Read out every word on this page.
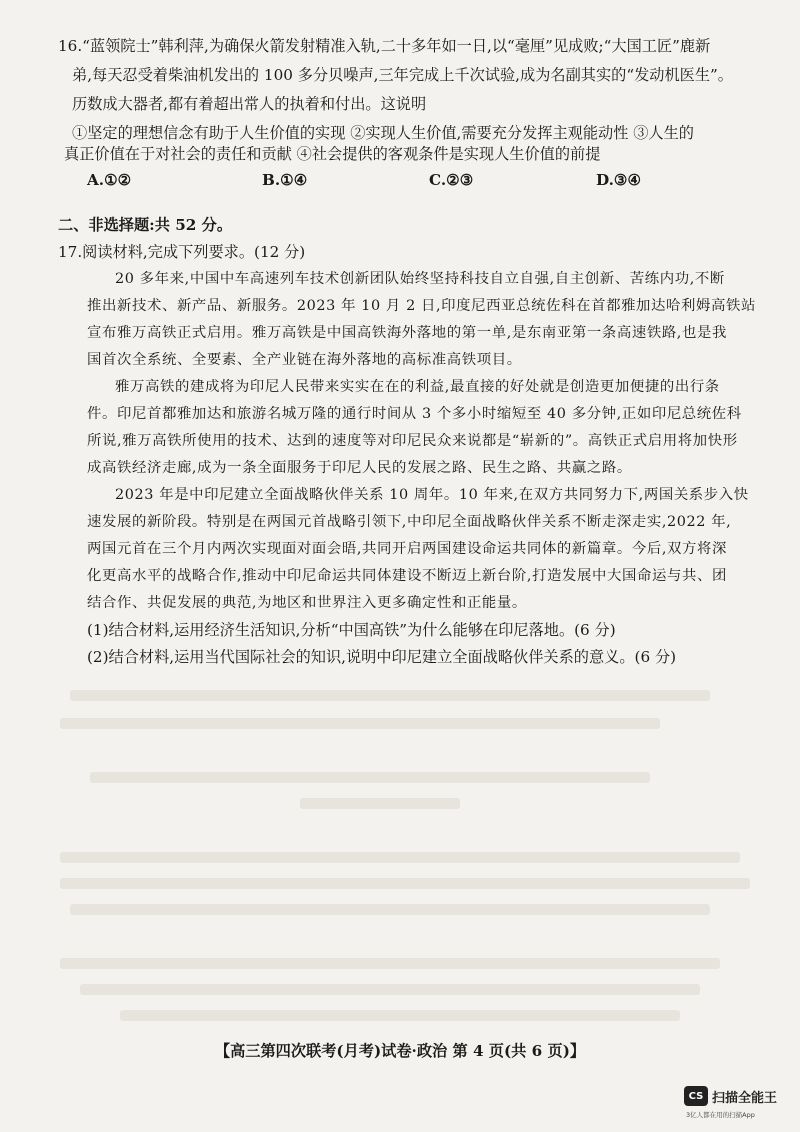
16.“蓝领院士”韩利萍,为确保火箭发射精准入轨,二十多年如一日,以“毫厘”见成败;“大国工匠”鹿新
弟,每天忍受着柴油机发出的 100 多分贝噪声,三年完成上千次试验,成为名副其实的“发动机医生”。
历数成大器者,都有着超出常人的执着和付出。这说明
①坚定的理想信念有助于人生价值的实现 ②实现人生价值,需要充分发挥主观能动性 ③人生的
真正价值在于对社会的责任和贡献 ④社会提供的客观条件是实现人生价值的前提
A.①②	B.①④	C.②③	D.③④
二、非选择题:共 52 分。
17.阅读材料,完成下列要求。(12 分)
20 多年来,中国中车高速列车技术创新团队始终坚持科技自立自强,自主创新、苦练内功,不断
推出新技术、新产品、新服务。2023 年 10 月 2 日,印度尼西亚总统佐科在首都雅加达哈利姆高铁站
宣布雅万高铁正式启用。雅万高铁是中国高铁海外落地的第一单,是东南亚第一条高速铁路,也是我
国首次全系统、全要素、全产业链在海外落地的高标准高铁项目。
雅万高铁的建成将为印尼人民带来实实在在的利益,最直接的好处就是创造更加便捷的出行条
件。印尼首都雅加达和旅游名城万隆的通行时间从 3 个多小时缩短至 40 多分钟,正如印尼总统佐科
所说,雅万高铁所使用的技术、达到的速度等对印尼民众来说都是“崭新的”。高铁正式启用将加快形
成高铁经济走廊,成为一条全面服务于印尼人民的发展之路、民生之路、共赢之路。
2023 年是中印尼建立全面战略伙伴关系 10 周年。10 年来,在双方共同努力下,两国关系步入快
速发展的新阶段。特别是在两国元首战略引领下,中印尼全面战略伙伴关系不断走深走实,2022 年,
两国元首在三个月内两次实现面对面会晤,共同开启两国建设命运共同体的新篇章。今后,双方将深
化更高水平的战略合作,推动中印尼命运共同体建设不断迈上新台阶,打造发展中大国命运与共、团
结合作、共促发展的典范,为地区和世界注入更多确定性和正能量。
(1)结合材料,运用经济生活知识,分析“中国高铁”为什么能够在印尼落地。(6 分)
(2)结合材料,运用当代国际社会的知识,说明中印尼建立全面战略伙伴关系的意义。(6 分)
【高三第四次联考(月考)试卷·政治 第 4 页(共 6 页)】
CS 扫描全能王
3亿人都在用的扫描App
